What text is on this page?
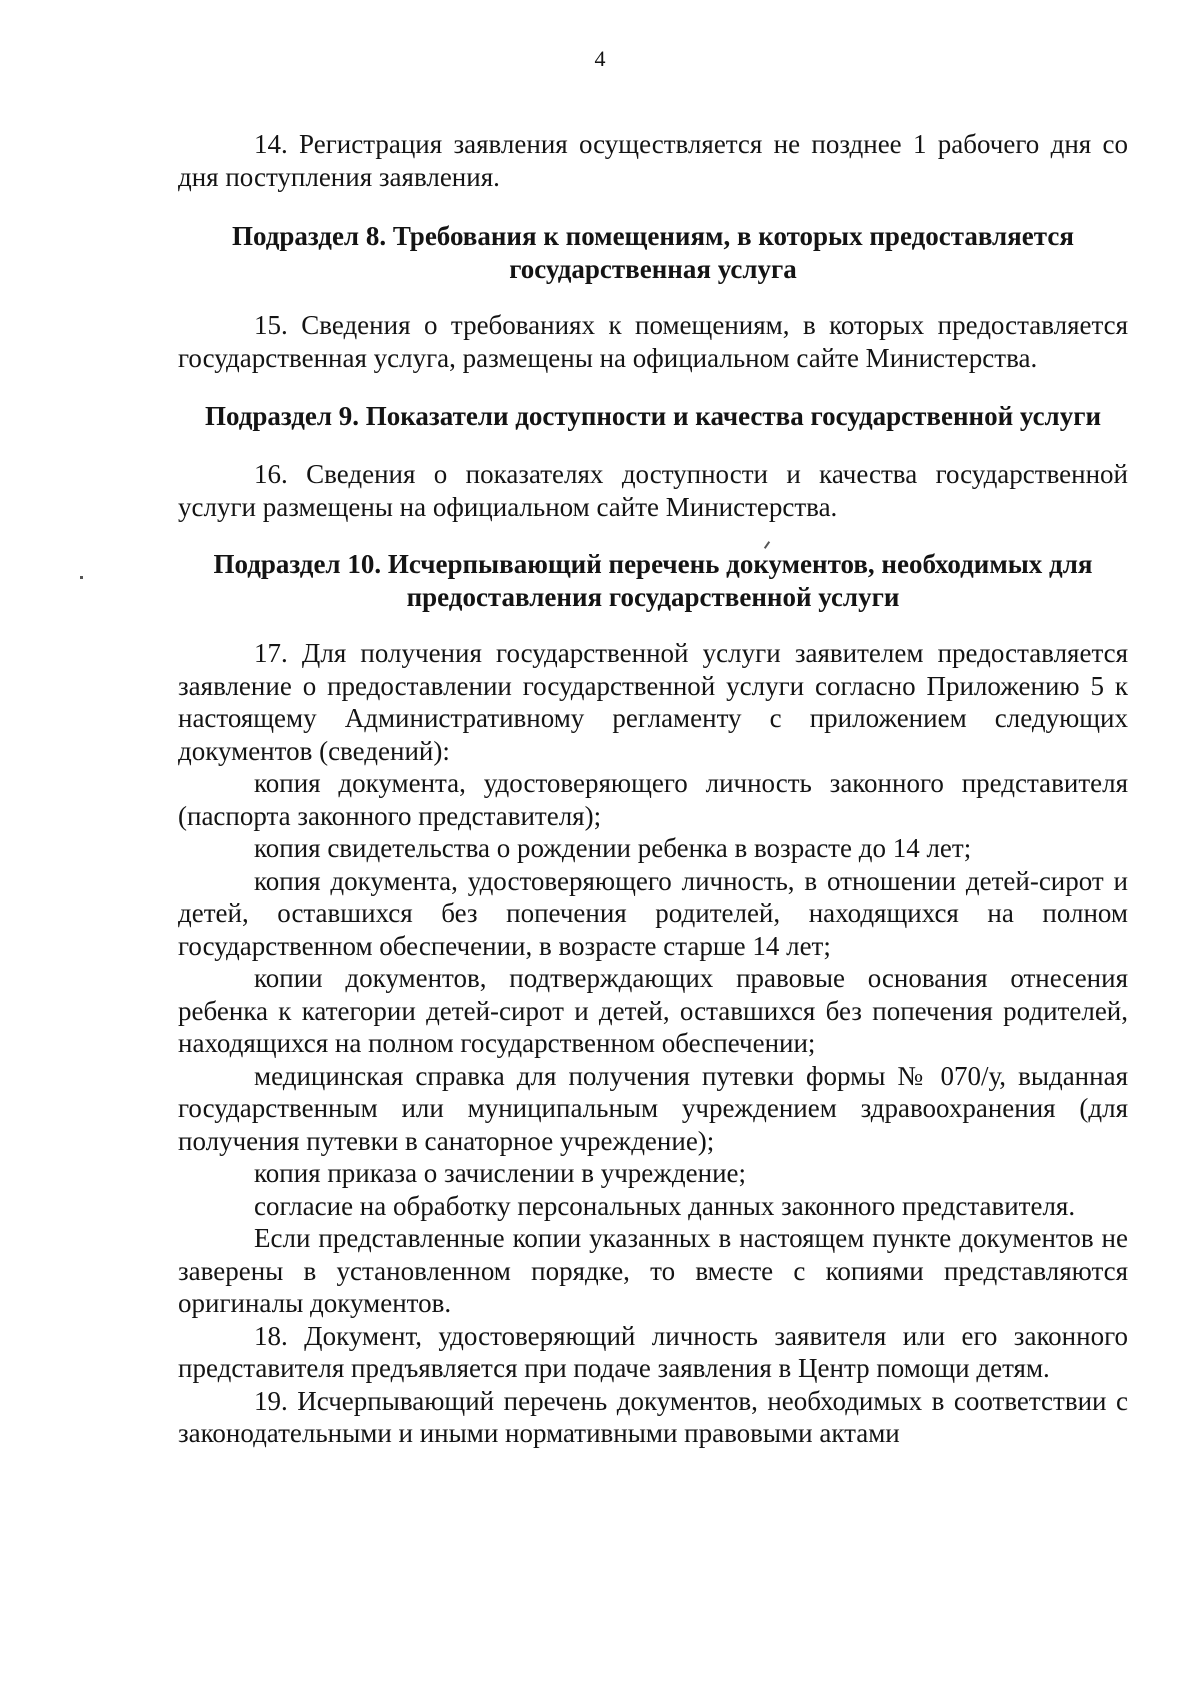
4

14. Регистрация заявления осуществляется не позднее 1 рабочего дня со дня поступления заявления.

Подраздел 8. Требования к помещениям, в которых предоставляется государственная услуга

15. Сведения о требованиях к помещениям, в которых предоставляется государственная услуга, размещены на официальном сайте Министерства.

Подраздел 9. Показатели доступности и качества государственной услуги

16. Сведения о показателях доступности и качества государственной услуги размещены на официальном сайте Министерства.

Подраздел 10. Исчерпывающий перечень документов, необходимых для предоставления государственной услуги

17. Для получения государственной услуги заявителем предоставляется заявление о предоставлении государственной услуги согласно Приложению 5 к настоящему Административному регламенту с приложением следующих документов (сведений):

копия документа, удостоверяющего личность законного представителя (паспорта законного представителя);

копия свидетельства о рождении ребенка в возрасте до 14 лет;

копия документа, удостоверяющего личность, в отношении детей-сирот и детей, оставшихся без попечения родителей, находящихся на полном государственном обеспечении, в возрасте старше 14 лет;

копии документов, подтверждающих правовые основания отнесения ребенка к категории детей-сирот и детей, оставшихся без попечения родителей, находящихся на полном государственном обеспечении;

медицинская справка для получения путевки формы № 070/у, выданная государственным или муниципальным учреждением здравоохранения (для получения путевки в санаторное учреждение);

копия приказа о зачислении в учреждение;

согласие на обработку персональных данных законного представителя.

Если представленные копии указанных в настоящем пункте документов не заверены в установленном порядке, то вместе с копиями представляются оригиналы документов.

18. Документ, удостоверяющий личность заявителя или его законного представителя предъявляется при подаче заявления в Центр помощи детям.

19. Исчерпывающий перечень документов, необходимых в соответствии с законодательными и иными нормативными правовыми актами
